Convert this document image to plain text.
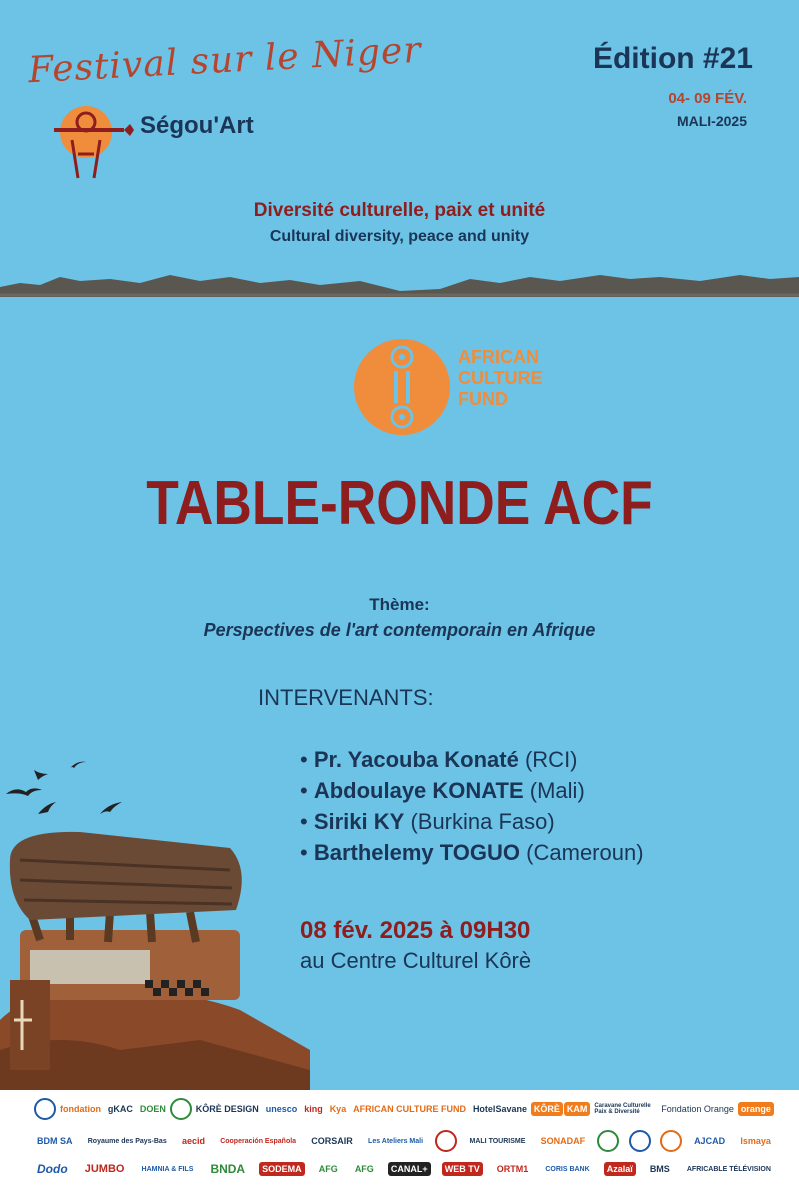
Festival sur le Niger
Ségou'Art
Édition #21
04- 09 FÉV.
MALI-2025
Diversité culturelle, paix et unité
Cultural diversity, peace and unity
AFRICAN
CULTURE
FUND
TABLE-RONDE ACF
Thème:
Perspectives de l'art contemporain en Afrique
INTERVENANTS:
• Pr. Yacouba Konaté (RCI)
• Abdoulaye KONATE (Mali)
• Siriki KY (Burkina Faso)
• Barthelemy TOGUO (Cameroun)
08 fév. 2025 à 09H30
au Centre Culturel Kôrè
fondation gKAC DOEN	KÔRÈ DESIGN unesco king Kya AFRICAN CULTURE FUND HotelSavane KÔRÈ KAM	Caravane Culturelle Paix & Diversité	Fondation Orange orange
BDM SA	Royaume des Pays-Bas	aecid	Cooperación Española	CORSAIR	Les Ateliers Mali	MALI TOURISME	SONADAF	AJCAD	Ismaya
Dodo JUMBO	HAMNIA & FILS BNDA	SODEMA	AFG	AFG	CANAL+	WEB TV	ORTM1	CORIS BANK	Azalaï	BMS	AFRICABLE TÉLÉVISION
